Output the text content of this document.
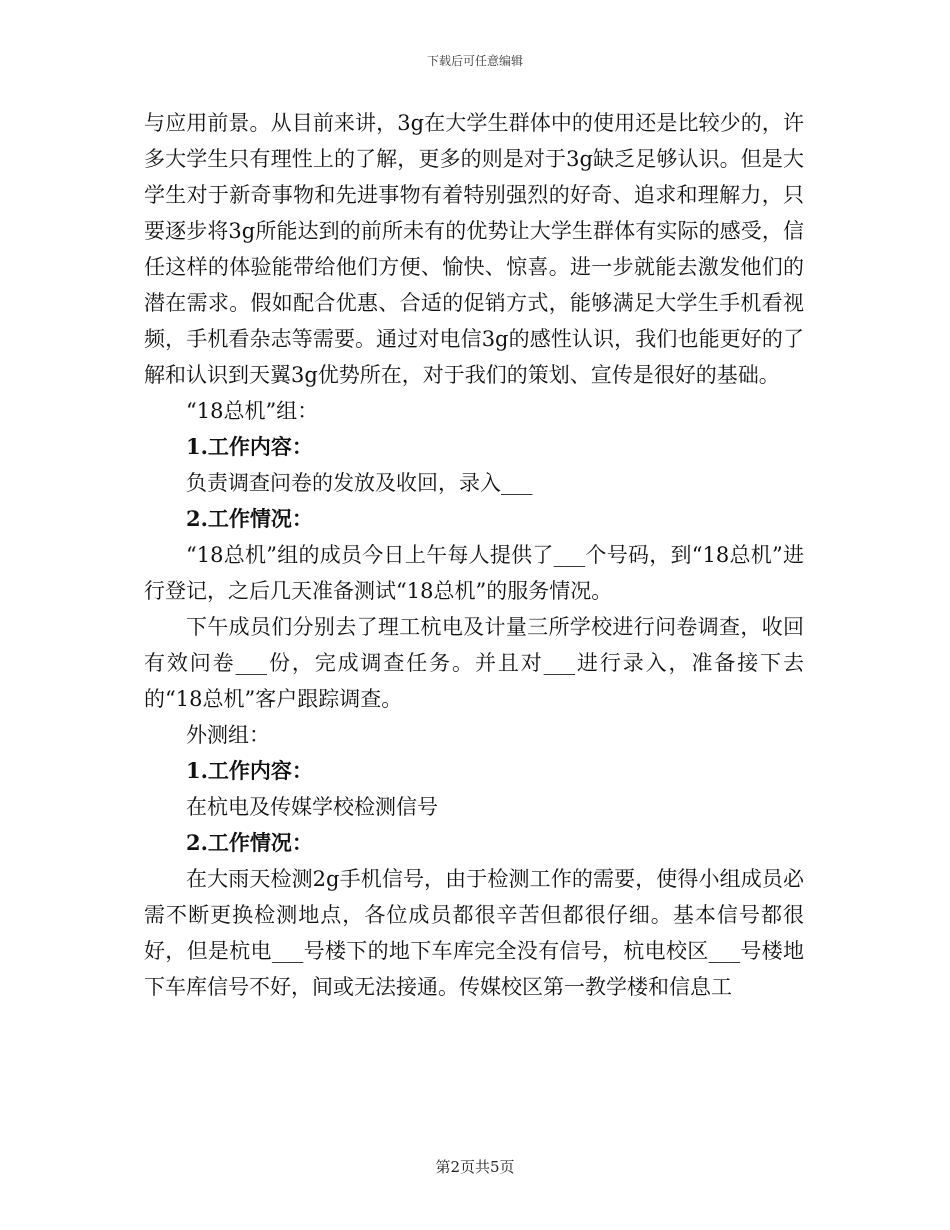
下载后可任意编辑

与应用前景。从目前来讲，3g在大学生群体中的使用还是比较少的，许多大学生只有理性上的了解，更多的则是对于3g缺乏足够认识。但是大学生对于新奇事物和先进事物有着特别强烈的好奇、追求和理解力，只要逐步将3g所能达到的前所未有的优势让大学生群体有实际的感受，信任这样的体验能带给他们方便、愉快、惊喜。进一步就能去激发他们的潜在需求。假如配合优惠、合适的促销方式，能够满足大学生手机看视频，手机看杂志等需要。通过对电信3g的感性认识，我们也能更好的了解和认识到天翼3g优势所在，对于我们的策划、宣传是很好的基础。

“18总机”组：

1.工作内容：

负责调查问卷的发放及收回，录入___

2.工作情况：

“18总机”组的成员今日上午每人提供了___个号码，到“18总机”进行登记，之后几天准备测试“18总机”的服务情况。

下午成员们分别去了理工杭电及计量三所学校进行问卷调查，收回有效问卷___份，完成调查任务。并且对___进行录入，准备接下去的“18总机”客户跟踪调查。

外测组：

1.工作内容：

在杭电及传媒学校检测信号

2.工作情况：

在大雨天检测2g手机信号，由于检测工作的需要，使得小组成员必需不断更换检测地点，各位成员都很辛苦但都很仔细。基本信号都很好，但是杭电___号楼下的地下车库完全没有信号，杭电校区___号楼地下车库信号不好，间或无法接通。传媒校区第一教学楼和信息工

第2页共5页
